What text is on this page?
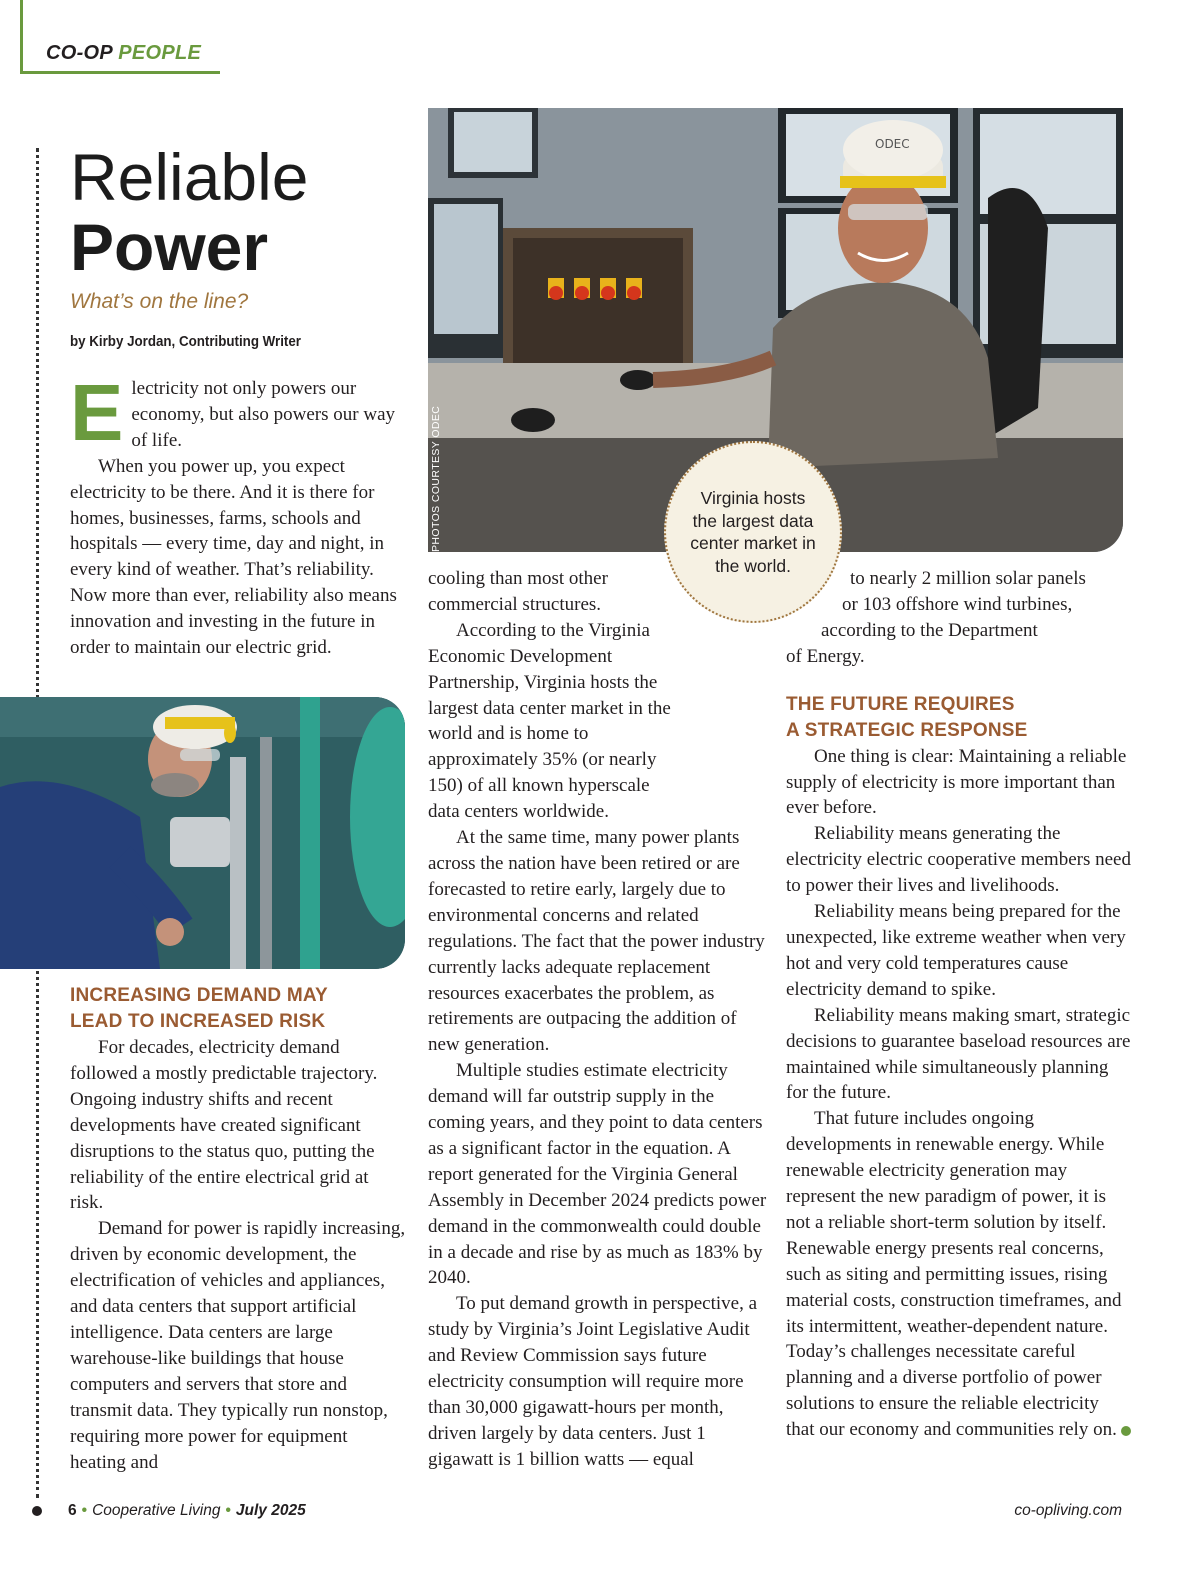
CO-OP PEOPLE
Reliable
Power
What’s on the line?
by Kirby Jordan, Contributing Writer
ODEC
PHOTOS COURTESY ODEC	Virginia hosts the largest data center market in the world.

Electricity not only powers our economy, but also powers our way of life.

When you power up, you expect electricity to be there. And it is there for homes, businesses, farms, schools and hospitals — every time, day and night, in every kind of weather. That’s reliability. Now more than ever, reliability also means innovation and investing in the future in order to maintain our electric grid.

INCREASING DEMAND MAY
LEAD TO INCREASED RISK

For decades, electricity demand followed a mostly predictable trajectory. Ongoing industry shifts and recent developments have created significant disruptions to the status quo, putting the reliability of the entire electrical grid at risk.

Demand for power is rapidly increasing, driven by economic development, the electrification of vehicles and appliances, and data centers that support artificial intelligence. Data centers are large warehouse-like buildings that house computers and servers that store and transmit data. They typically run nonstop, requiring more power for equipment heating and

cooling than most other
commercial structures.

According to the Virginia Economic Development Partnership, Virginia hosts the largest data center market in the world and is home to approximately 35% (or nearly 150) of all known hyperscale data centers worldwide.

At the same time, many power plants across the nation have been retired or are forecasted to retire early, largely due to environmental concerns and related regulations. The fact that the power industry currently lacks adequate replacement resources exacerbates the problem, as retirements are outpacing the addition of new generation.

Multiple studies estimate electricity demand will far outstrip supply in the coming years, and they point to data centers as a significant factor in the equation. A report generated for the Virginia General Assembly in December 2024 predicts power demand in the commonwealth could double in a decade and rise by as much as 183% by 2040.

To put demand growth in perspective, a study by Virginia’s Joint Legislative Audit and Review Commission says future electricity consumption will require more than 30,000 gigawatt-hours per month, driven largely by data centers. Just 1 gigawatt is 1 billion watts — equal

to nearly 2 million solar panels
or 103 offshore wind turbines,
according to the Department
of Energy.
THE FUTURE REQUIRES
A STRATEGIC RESPONSE

One thing is clear: Maintaining a reliable supply of electricity is more important than ever before.

Reliability means generating the electricity electric cooperative members need to power their lives and livelihoods.

Reliability means being prepared for the unexpected, like extreme weather when very hot and very cold temperatures cause electricity demand to spike.

Reliability means making smart, strategic decisions to guarantee baseload resources are maintained while simultaneously planning for the future.

That future includes ongoing developments in renewable energy. While renewable electricity generation may represent the new paradigm of power, it is not a reliable short-term solution by itself. Renewable energy presents real concerns, such as siting and permitting issues, rising material costs, construction timeframes, and its intermittent, weather-dependent nature. Today’s challenges necessitate careful planning and a diverse portfolio of power solutions to ensure the reliable electricity that our economy and communities rely on.

6 • Cooperative Living • July 2025	co-opliving.com
